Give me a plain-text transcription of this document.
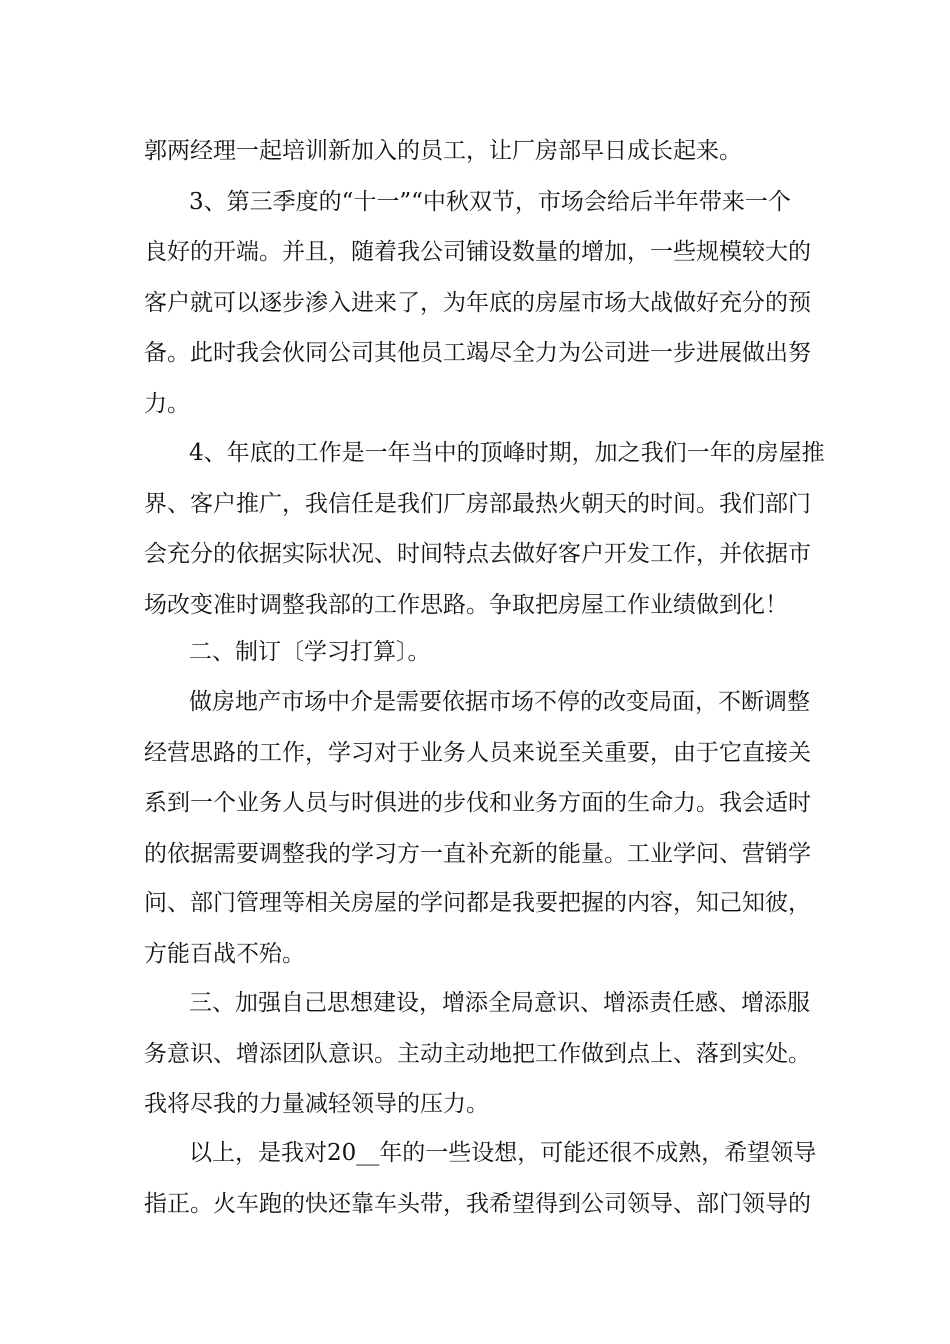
郭两经理一起培训新加入的员工，让厂房部早日成长起来。

3、第三季度的“十一”“中秋双节，市场会给后半年带来一个

良好的开端。并且，随着我公司铺设数量的增加，一些规模较大的

客户就可以逐步渗入进来了，为年底的房屋市场大战做好充分的预

备。此时我会伙同公司其他员工竭尽全力为公司进一步进展做出努

力。

4、年底的工作是一年当中的顶峰时期，加之我们一年的房屋推

界、客户推广，我信任是我们厂房部最热火朝天的时间。我们部门

会充分的依据实际状况、时间特点去做好客户开发工作，并依据市

场改变准时调整我部的工作思路。争取把房屋工作业绩做到化！

二、制订〔学习打算〕。

做房地产市场中介是需要依据市场不停的改变局面，不断调整

经营思路的工作，学习对于业务人员来说至关重要，由于它直接关

系到一个业务人员与时俱进的步伐和业务方面的生命力。我会适时

的依据需要调整我的学习方一直补充新的能量。工业学问、营销学

问、部门管理等相关房屋的学问都是我要把握的内容，知己知彼，

方能百战不殆。

三、加强自己思想建设，增添全局意识、增添责任感、增添服

务意识、增添团队意识。主动主动地把工作做到点上、落到实处。

我将尽我的力量减轻领导的压力。

以上，是我对20__年的一些设想，可能还很不成熟，希望领导

指正。火车跑的快还靠车头带，我希望得到公司领导、部门领导的
